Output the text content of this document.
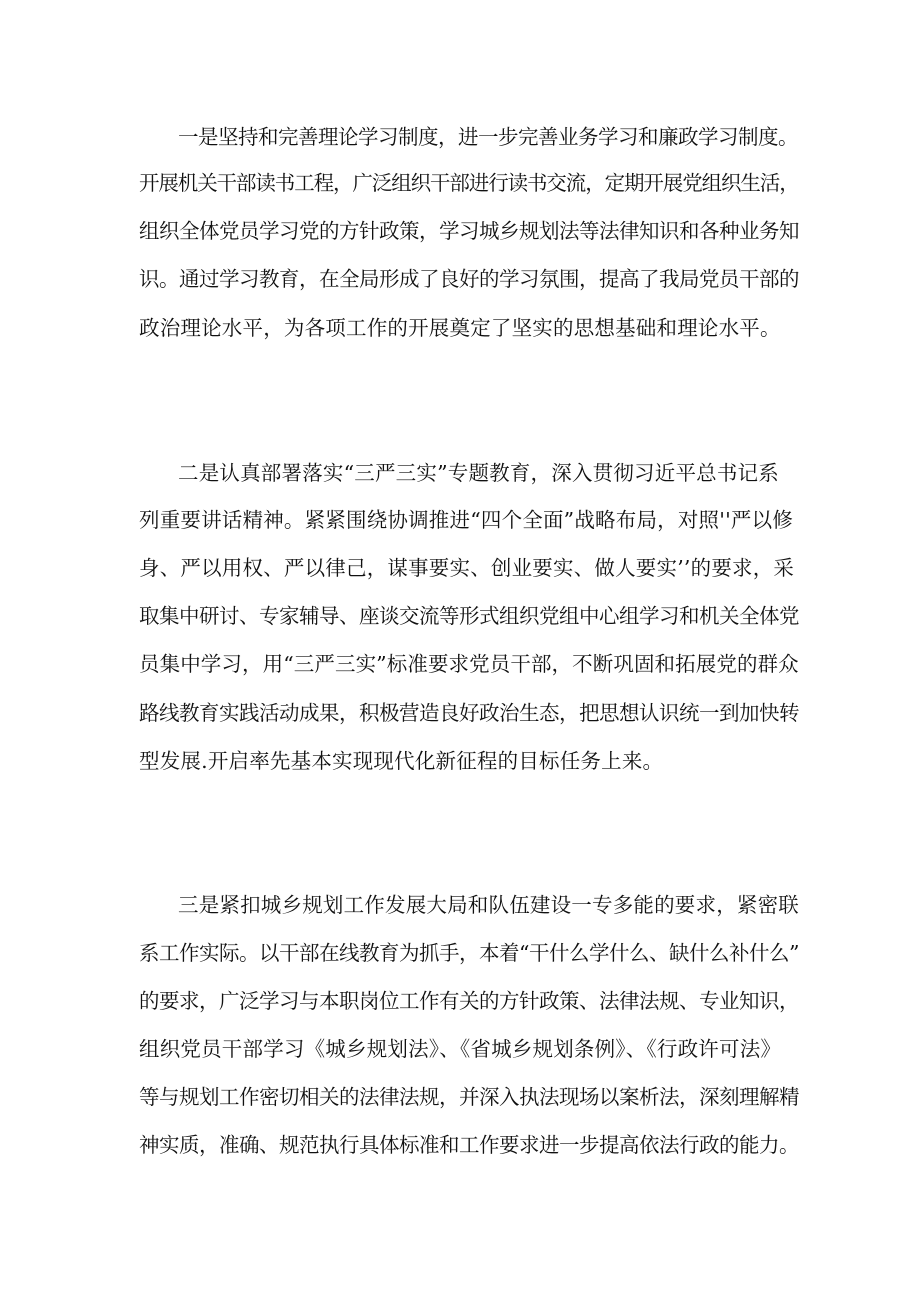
一是坚持和完善理论学习制度，进一步完善业务学习和廉政学习制度。
开展机关干部读书工程，广泛组织干部进行读书交流，定期开展党组织生活，
组织全体党员学习党的方针政策，学习城乡规划法等法律知识和各种业务知
识。通过学习教育，在全局形成了良好的学习氛围，提高了我局党员干部的
政治理论水平，为各项工作的开展奠定了坚实的思想基础和理论水平。
二是认真部署落实“三严三实”专题教育，深入贯彻习近平总书记系
列重要讲话精神。紧紧围绕协调推进“四个全面”战略布局，对照''严以修
身、严以用权、严以律己，谋事要实、创业要实、做人要实’’的要求，采
取集中研讨、专家辅导、座谈交流等形式组织党组中心组学习和机关全体党
员集中学习，用“三严三实”标准要求党员干部，不断巩固和拓展党的群众
路线教育实践活动成果，积极营造良好政治生态，把思想认识统一到加快转
型发展.开启率先基本实现现代化新征程的目标任务上来。
三是紧扣城乡规划工作发展大局和队伍建设一专多能的要求，紧密联
系工作实际。以干部在线教育为抓手，本着“干什么学什么、缺什么补什么”
的要求，广泛学习与本职岗位工作有关的方针政策、法律法规、专业知识，
组织党员干部学习《城乡规划法》、《省城乡规划条例》、《行政许可法》
等与规划工作密切相关的法律法规，并深入执法现场以案析法，深刻理解精
神实质，准确、规范执行具体标准和工作要求进一步提高依法行政的能力。
